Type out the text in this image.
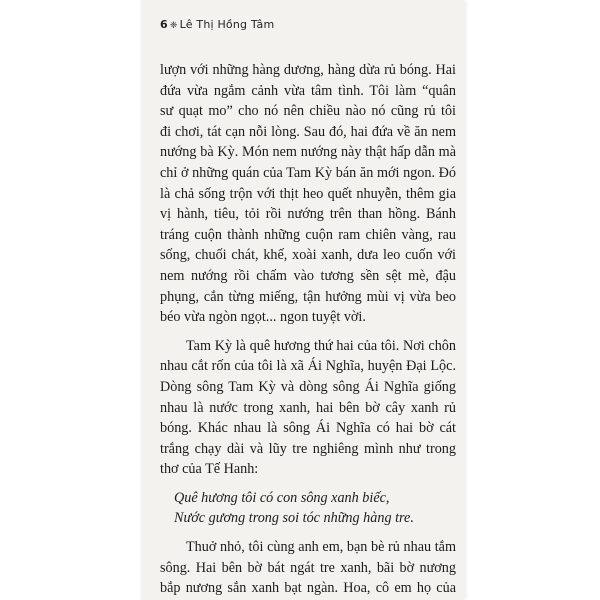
6 ❈ Lê Thị Hồng Tâm
lượn với những hàng dương, hàng dừa rủ bóng. Hai
đứa vừa ngắm cảnh vừa tâm tình. Tôi làm “quân
sư quạt mo” cho nó nên chiều nào nó cũng rủ tôi
đi chơi, tát cạn nỗi lòng. Sau đó, hai đứa về ăn nem
nướng bà Kỳ. Món nem nướng này thật hấp dẫn mà
chỉ ở những quán của Tam Kỳ bán ăn mới ngon. Đó
là chả sống trộn với thịt heo quết nhuyễn, thêm gia
vị hành, tiêu, tỏi rồi nướng trên than hồng. Bánh
tráng cuộn thành những cuộn ram chiên vàng, rau
sống, chuối chát, khế, xoài xanh, dưa leo cuốn với
nem nướng rồi chấm vào tương sền sệt mè, đậu
phụng, cắn từng miếng, tận hưởng mùi vị vừa beo
béo vừa ngòn ngọt... ngon tuyệt vời.
Tam Kỳ là quê hương thứ hai của tôi. Nơi chôn
nhau cắt rốn của tôi là xã Ái Nghĩa, huyện Đại Lộc.
Dòng sông Tam Kỳ và dòng sông Ái Nghĩa giống
nhau là nước trong xanh, hai bên bờ cây xanh rủ
bóng. Khác nhau là sông Ái Nghĩa có hai bờ cát
trắng chạy dài và lũy tre nghiêng mình như trong
thơ của Tế Hanh:
Quê hương tôi có con sông xanh biếc,
Nước gương trong soi tóc những hàng tre.
Thuở nhỏ, tôi cùng anh em, bạn bè rủ nhau tắm
sông. Hai bên bờ bát ngát tre xanh, bãi bờ nương
bắp nương sắn xanh bạt ngàn. Hoa, cô em họ của
